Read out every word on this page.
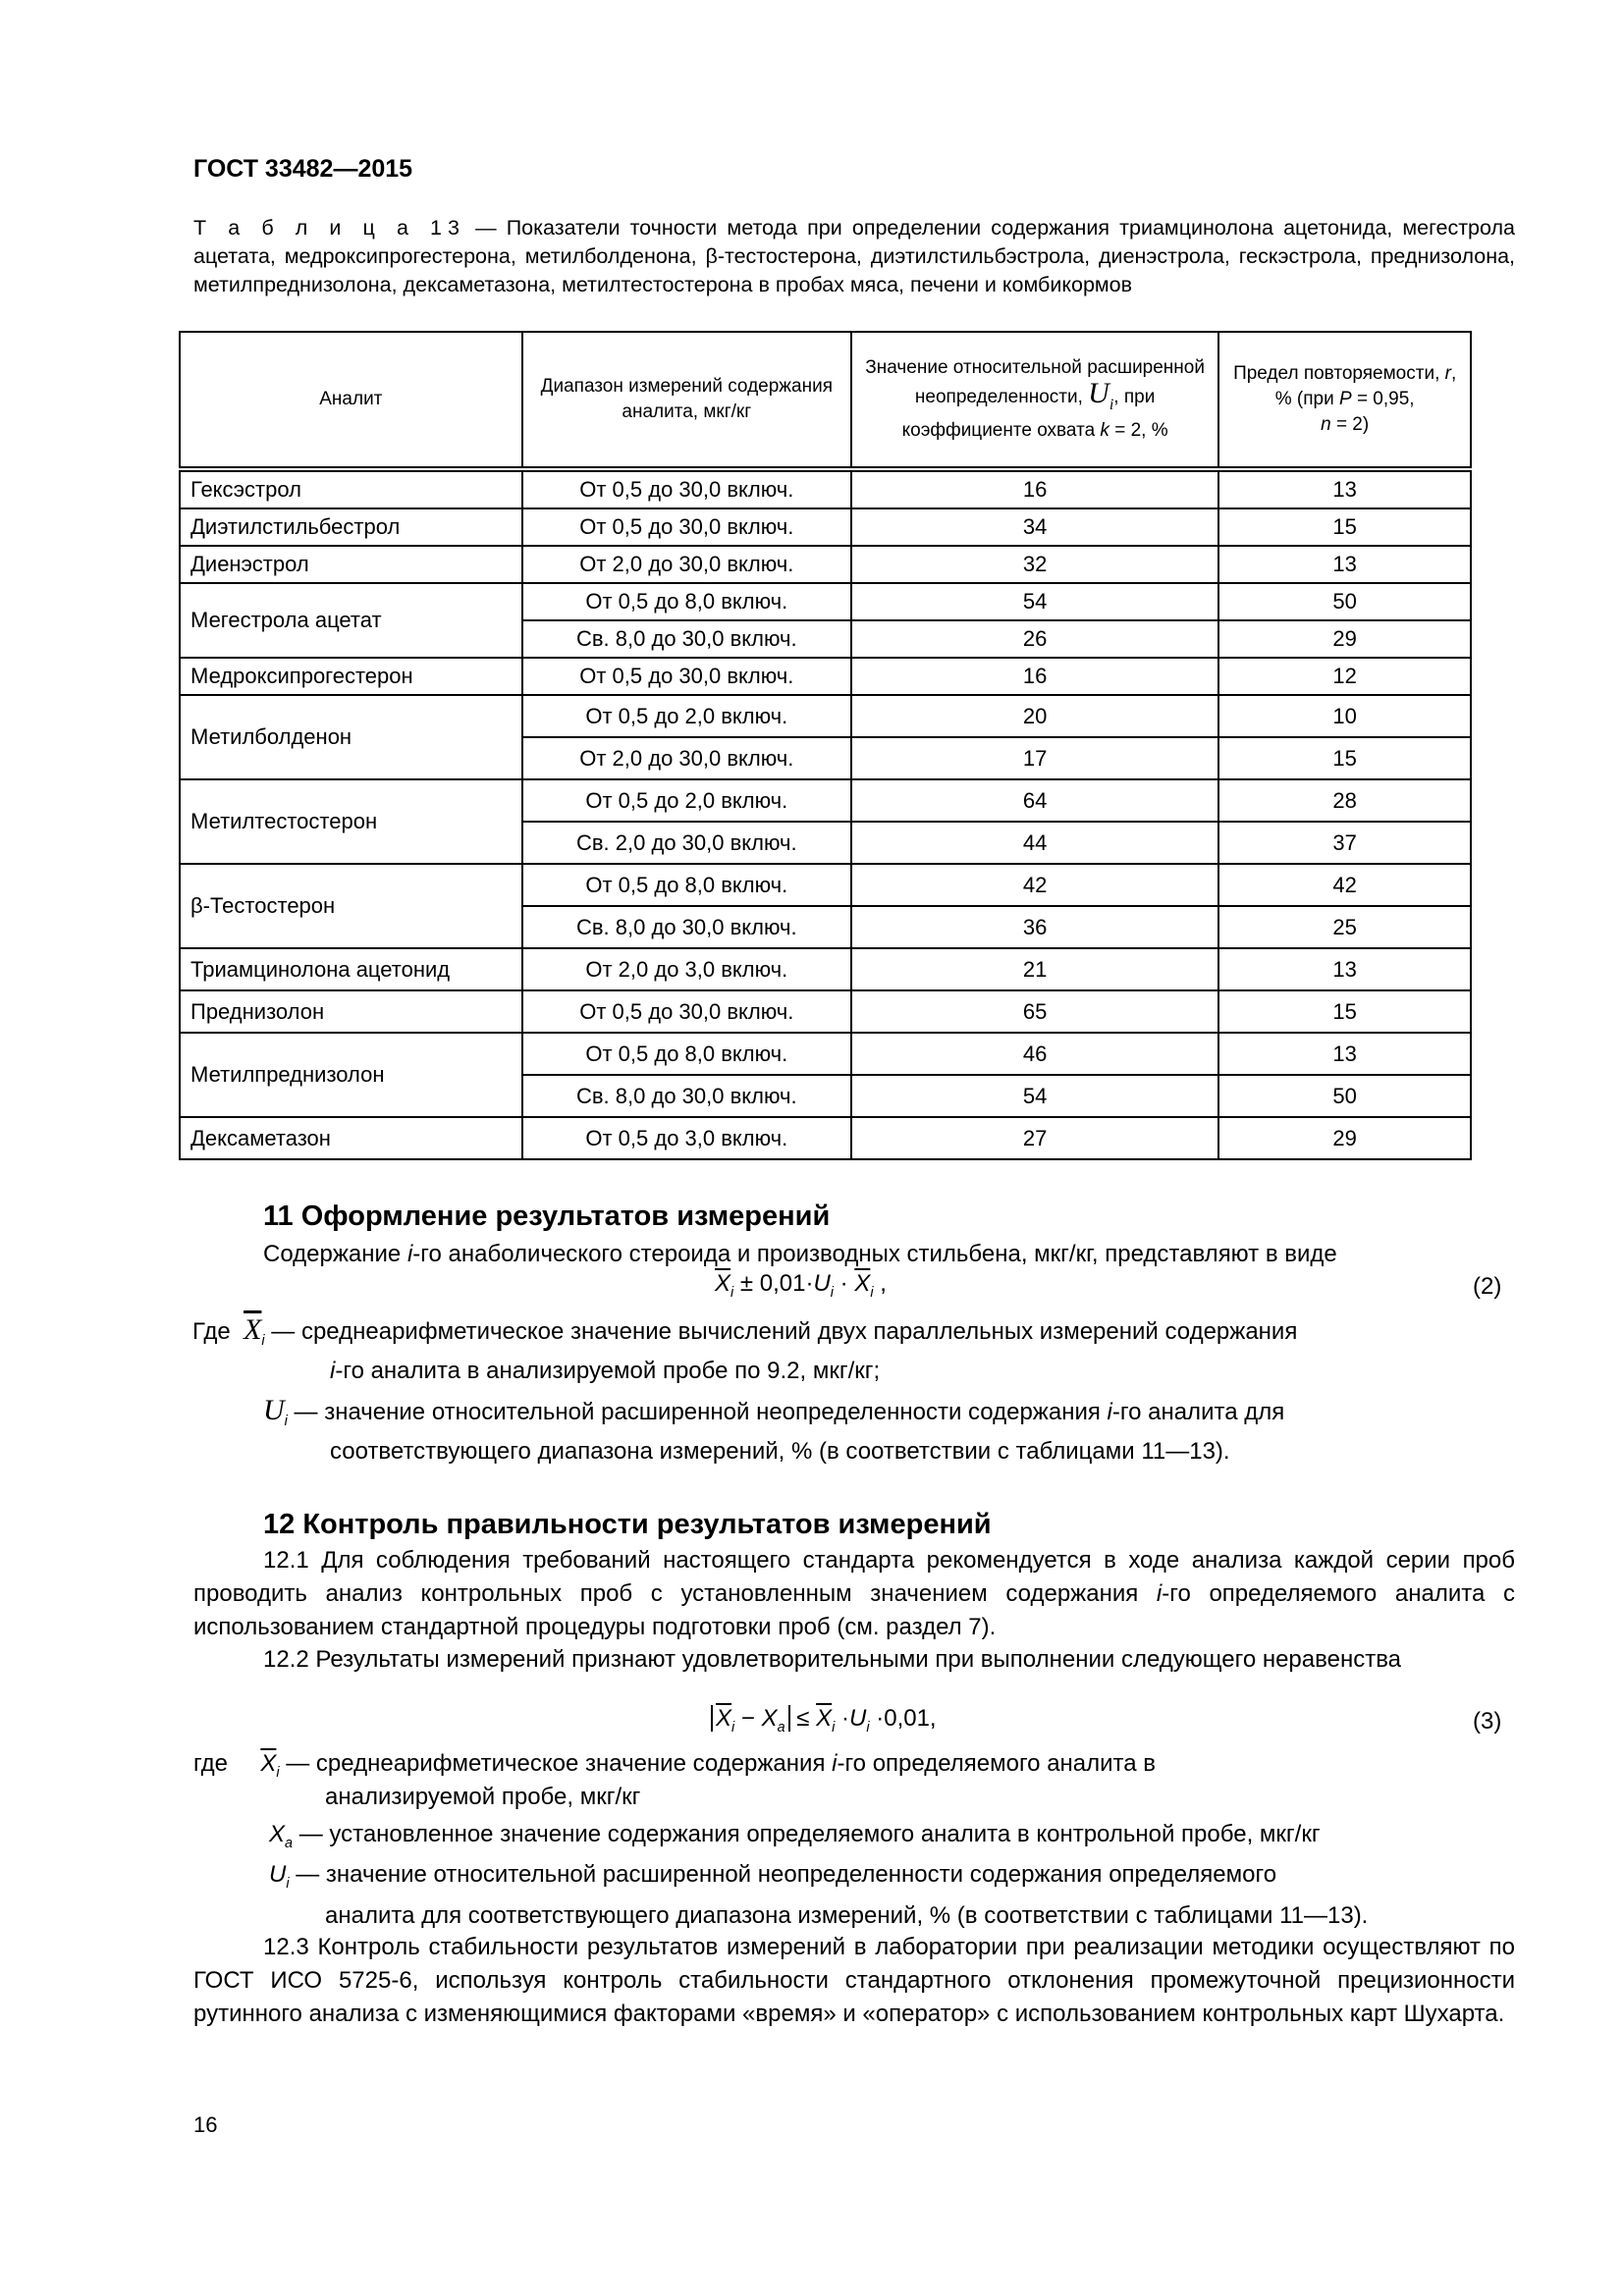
ГОСТ 33482—2015
Т а б л и ц а 13 — Показатели точности метода при определении содержания триамцинолона ацетонида, мегестрола ацетата, медроксипрогестерона, метилболденона, β-тестостерона, диэтилстильбэстрола, диенэстрола, гескэстрола, преднизолона, метилпреднизолона, дексаметазона, метилтестостерона в пробах мяса, печени и комбикормов
Аналит	Диапазон измерений содержания аналита, мкг/кг	Значение относительной расширенной неопределенности, $U_i$, при коэффициенте охвата k = 2, %	Предел повторяемости, r, % (при P = 0,95,
n = 2)
Гексэстрол	От 0,5 до 30,0 включ.	16	13
Диэтилстильбестрол	От 0,5 до 30,0 включ.	34	15
Диенэстрол	От 2,0 до 30,0 включ.	32	13
Мегестрола ацетат	От 0,5 до 8,0 включ.	54	50
	Св. 8,0 до 30,0 включ.	26	29
Медроксипрогестерон	От 0,5 до 30,0 включ.	16	12
Метилболденон	От 0,5 до 2,0 включ.	20	10
	От 2,0 до 30,0 включ.	17	15
Метилтестостерон	От 0,5 до 2,0 включ.	64	28
	Св. 2,0 до 30,0 включ.	44	37
β-Тестостерон	От 0,5 до 8,0 включ.	42	42
	Св. 8,0 до 30,0 включ.	36	25
Триамцинолона ацетонид	От 2,0 до 3,0 включ.	21	13
Преднизолон	От 0,5 до 30,0 включ.	65	15
Метилпреднизолон	От 0,5 до 8,0 включ.	46	13
	Св. 8,0 до 30,0 включ.	54	50
Дексаметазон	От 0,5 до 3,0 включ.	27	29
11 Оформление результатов измерений
Содержание i-го анаболического стероида и производных стильбена, мкг/кг, представляют в виде
$\overline{X}_i \pm 0,01\cdot U_i \cdot \overline{X}_i$ ,	(2)
Где $\overline{X}_i$ — среднеарифметическое значение вычислений двух параллельных измерений содержания
i-го аналита в анализируемой пробе по 9.2, мкг/кг;
$U_i$ — значение относительной расширенной неопределенности содержания i-го аналита для
соответствующего диапазона измерений, % (в соответствии с таблицами 11—13).
12 Контроль правильности результатов измерений
12.1 Для соблюдения требований настоящего стандарта рекомендуется в ходе анализа каждой серии проб проводить анализ контрольных проб с установленным значением содержания i-го определяемого аналита с использованием стандартной процедуры подготовки проб (см. раздел 7).
12.2 Результаты измерений признают удовлетворительными при выполнении следующего неравенства
$\overline{X}_i - X_a \le \overline{X}_i \cdot U_i \cdot 0,01$,	(3)
где $\overline{X}_i$ — среднеарифметическое значение содержания i-го определяемого аналита в
анализируемой пробе, мкг/кг
$X_a$ — установленное значение содержания определяемого аналита в контрольной пробе, мкг/кг
$U_i$ — значение относительной расширенной неопределенности содержания определяемого
аналита для соответствующего диапазона измерений, % (в соответствии с таблицами 11—13).
12.3 Контроль стабильности результатов измерений в лаборатории при реализации методики осуществляют по ГОСТ ИСО 5725-6, используя контроль стабильности стандартного отклонения промежуточной прецизионности рутинного анализа с изменяющимися факторами «время» и «оператор» с использованием контрольных карт Шухарта.
16
